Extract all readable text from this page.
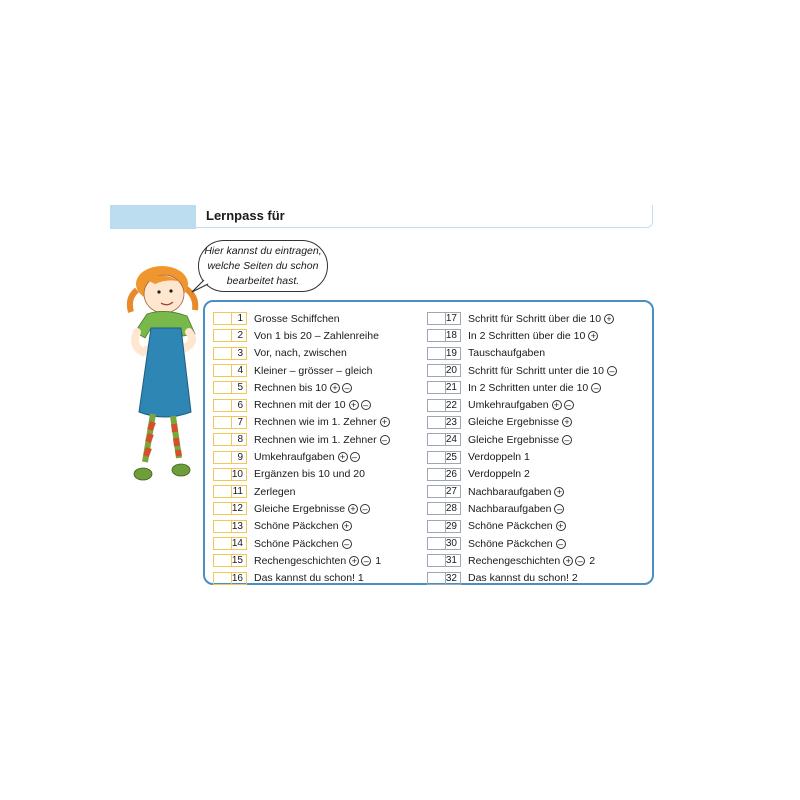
Lernpass für
Hier kannst du eintragen,
welche Seiten du schon
bearbeitet hast.
1 Grosse Schiffchen
2 Von 1 bis 20 – Zahlenreihe
3 Vor, nach, zwischen
4 Kleiner – grösser – gleich
5 Rechnen bis 10 + –
6 Rechnen mit der 10 + –
7 Rechnen wie im 1. Zehner +
8 Rechnen wie im 1. Zehner –
9 Umkehraufgaben + –
10 Ergänzen bis 10 und 20
11 Zerlegen
12 Gleiche Ergebnisse + –
13 Schöne Päckchen +
14 Schöne Päckchen –
15 Rechengeschichten + – 1
16 Das kannst du schon! 1
17 Schritt für Schritt über die 10 +
18 In 2 Schritten über die 10 +
19 Tauschaufgaben
20 Schritt für Schritt unter die 10 –
21 In 2 Schritten unter die 10 –
22 Umkehraufgaben + –
23 Gleiche Ergebnisse +
24 Gleiche Ergebnisse –
25 Verdoppeln 1
26 Verdoppeln 2
27 Nachbaraufgaben +
28 Nachbaraufgaben –
29 Schöne Päckchen +
30 Schöne Päckchen –
31 Rechengeschichten + – 2
32 Das kannst du schon! 2
